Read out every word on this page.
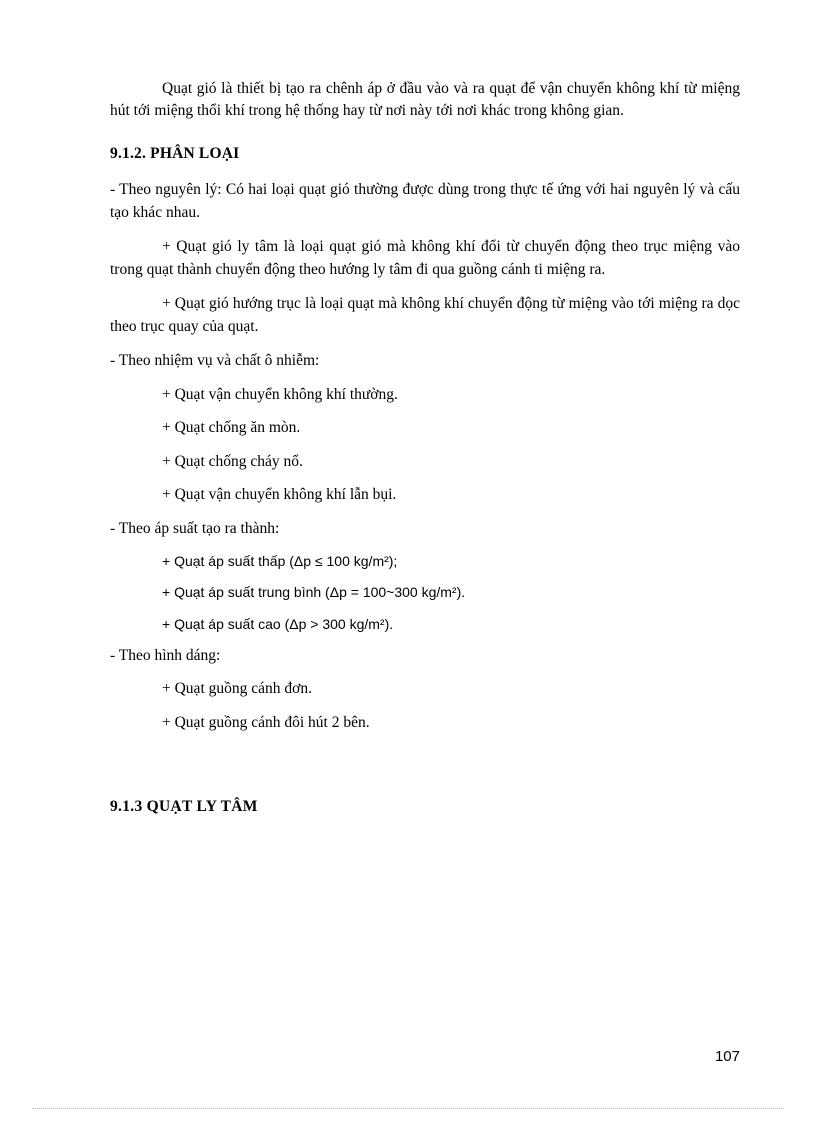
Quạt gió là thiết bị tạo ra chênh áp ở đầu vào và ra quạt để vận chuyển không khí từ miệng hút tới miệng thổi khí trong hệ thống hay từ nơi này tới nơi khác trong không gian.

9.1.2. PHÂN LOẠI

- Theo nguyên lý: Có hai loại quạt gió thường được dùng trong thực tế ứng với hai nguyên lý và cấu tạo khác nhau.

+ Quạt gió ly tâm là loại quạt gió mà không khí đổi từ chuyển động theo trục miệng vào trong quạt thành chuyển động theo hướng ly tâm đi qua guồng cánh ti miệng ra.

+ Quạt gió hướng trục là loại quạt mà không khí chuyển động từ miệng vào tới miệng ra dọc theo trục quay của quạt.

- Theo nhiệm vụ và chất ô nhiễm:

+ Quạt vận chuyển không khí thường.

+ Quạt chống ăn mòn.

+ Quạt chống cháy nổ.

+ Quạt vận chuyển không khí lẫn bụi.

- Theo áp suất tạo ra thành:

+ Quạt áp suất thấp (Δp ≤ 100 kg/m²);

+ Quạt áp suất trung bình (Δp = 100~300 kg/m²).

+ Quạt áp suất cao (Δp > 300 kg/m²).

- Theo hình dáng:

+ Quạt guồng cánh đơn.

+ Quạt guồng cánh đôi hút 2 bên.

9.1.3 QUẠT LY TÂM

107
